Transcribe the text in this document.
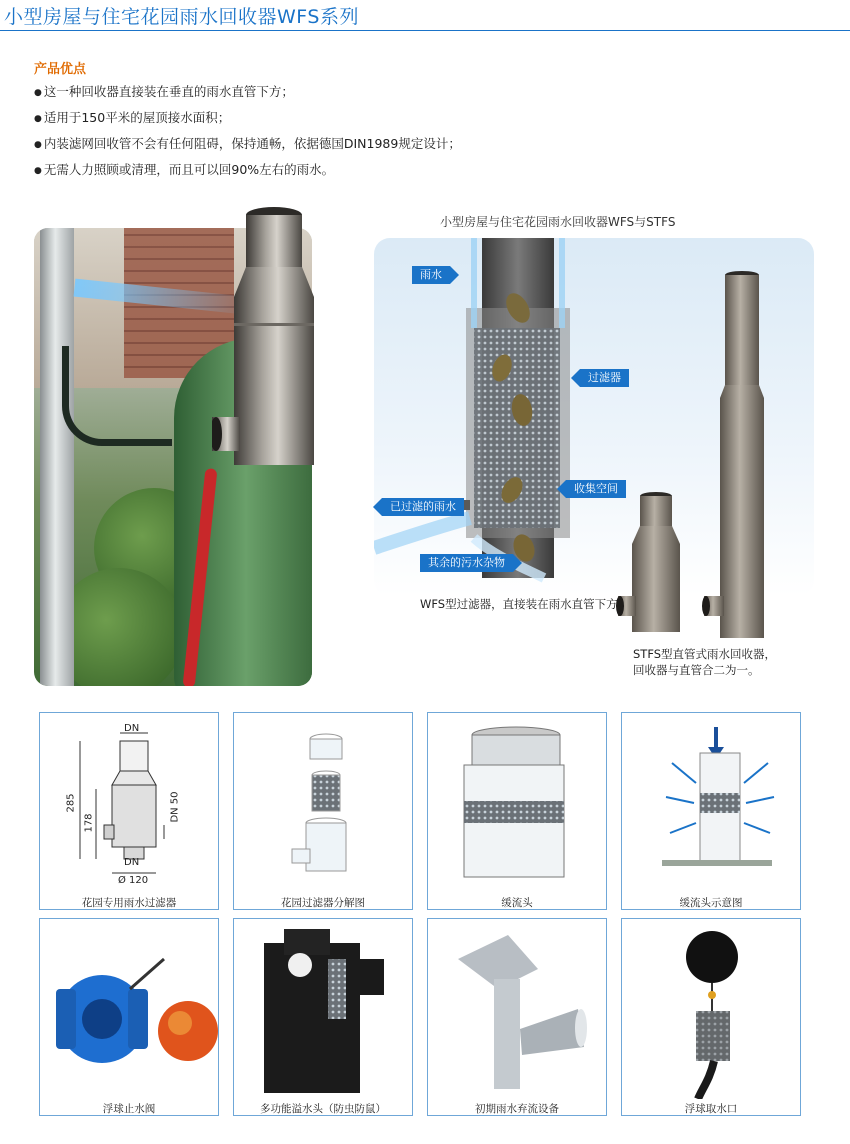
小型房屋与住宅花园雨水回收器WFS系列
产品优点
● 这一种回收器直接装在垂直的雨水直管下方；
● 适用于150平米的屋顶接水面积；
● 内装滤网回收管不会有任何阻碍，保持通畅，依据德国DIN1989规定设计；
● 无需人力照顾或清理，而且可以回90%左右的雨水。
小型房屋与住宅花园雨水回收器WFS与STFS
雨水
过滤器
收集空间
已过滤的雨水
其余的污水杂物
WFS型过滤器，直接装在雨水直管下方
STFS型直管式雨水回收器，
回收器与直管合二为一。
DN
285
178
DN 50
DN
Ø 120
花园专用雨水过滤器	花园过滤器分解图	缓流头	缓流头示意图
浮球止水阀	多功能溢水头（防虫防鼠）	初期雨水弃流设备	浮球取水口
